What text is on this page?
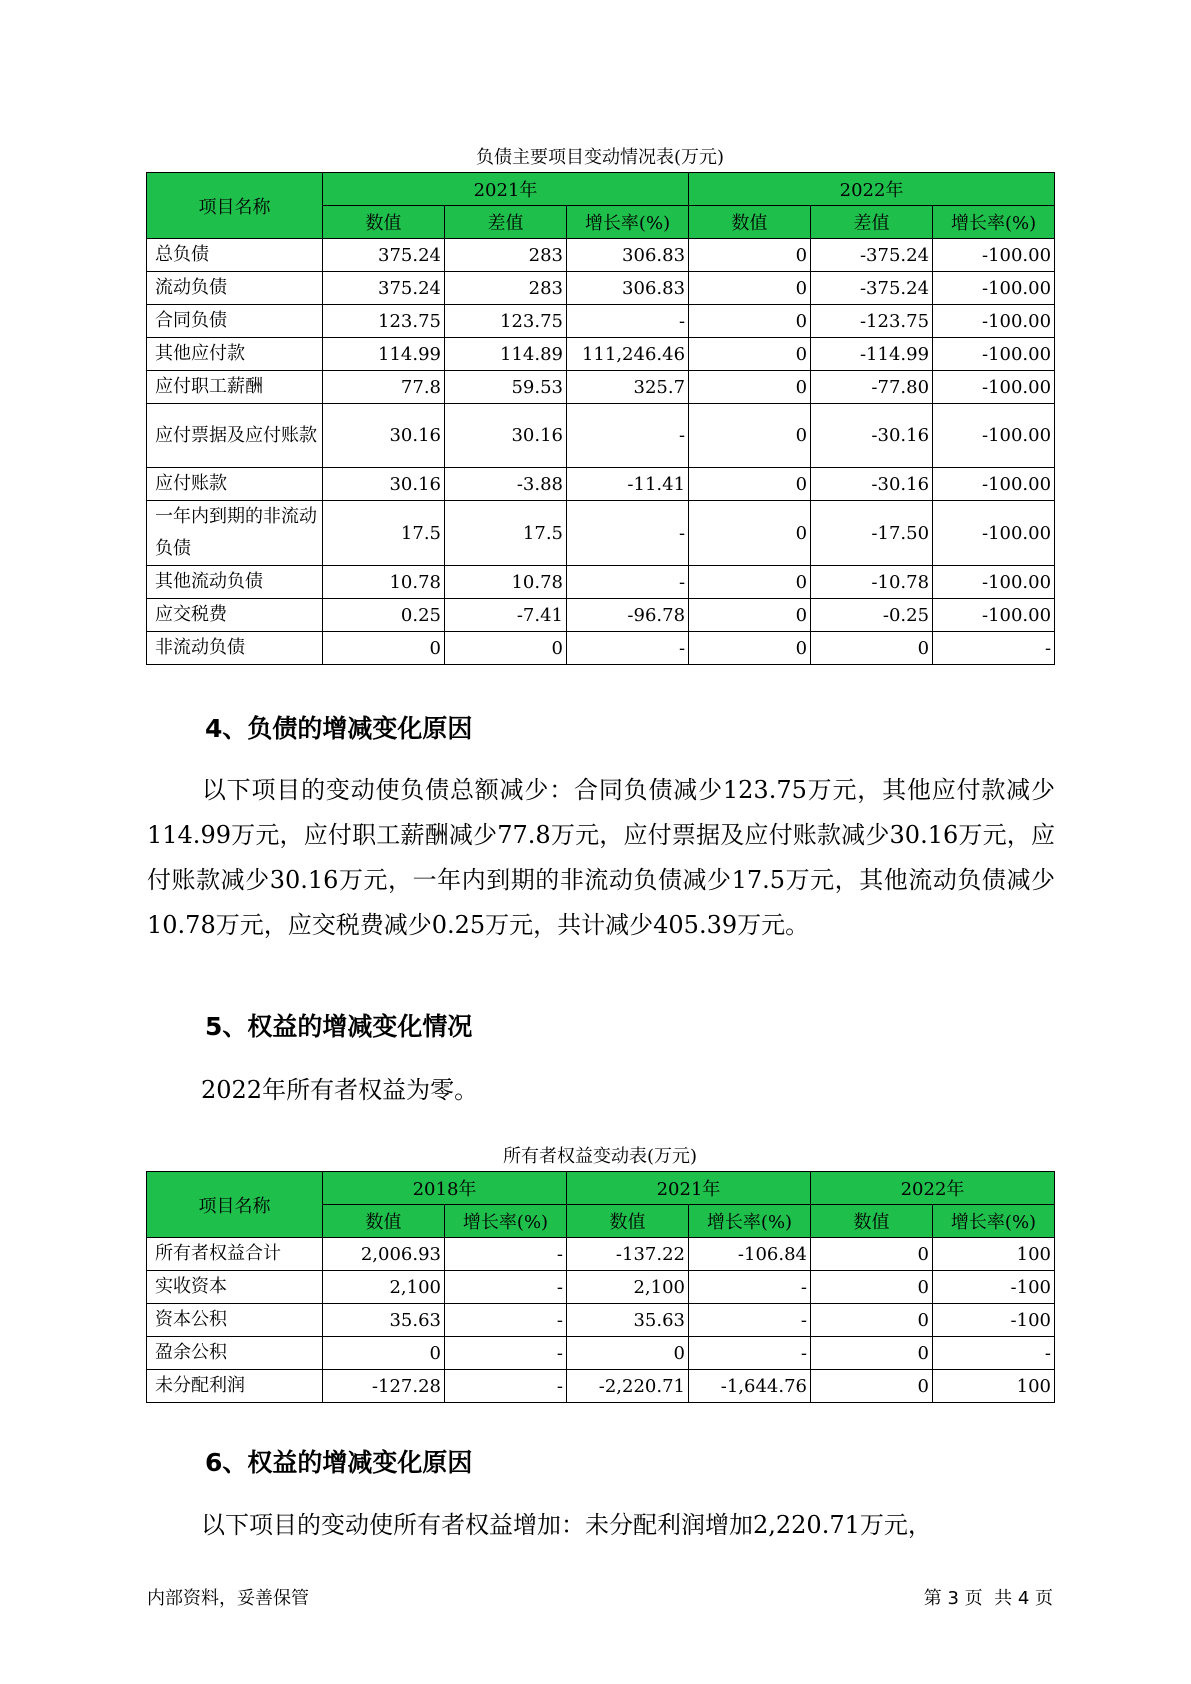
负债主要项目变动情况表(万元)
项目名称	2021年			2022年		
	数值	差值	增长率(%)	数值	差值	增长率(%)
总负债	375.24	283	306.83	0	-375.24	-100.00
流动负债	375.24	283	306.83	0	-375.24	-100.00
合同负债	123.75	123.75	-	0	-123.75	-100.00
其他应付款	114.99	114.89	111,246.46	0	-114.99	-100.00
应付职工薪酬	77.8	59.53	325.7	0	-77.80	-100.00
应付票据及应付账款	30.16	30.16	-	0	-30.16	-100.00
应付账款	30.16	-3.88	-11.41	0	-30.16	-100.00
一年内到期的非流动负债	17.5	17.5	-	0	-17.50	-100.00
其他流动负债	10.78	10.78	-	0	-10.78	-100.00
应交税费	0.25	-7.41	-96.78	0	-0.25	-100.00
非流动负债	0	0	-	0	0	-
4、负债的增减变化原因

以下项目的变动使负债总额减少：合同负债减少123.75万元，其他应付款减少114.99万元，应付职工薪酬减少77.8万元，应付票据及应付账款减少30.16万元，应付账款减少30.16万元，一年内到期的非流动负债减少17.5万元，其他流动负债减少10.78万元，应交税费减少0.25万元，共计减少405.39万元。

5、权益的增减变化情况

2022年所有者权益为零。

所有者权益变动表(万元)
项目名称	2018年		2021年		2022年	
	数值	增长率(%)	数值	增长率(%)	数值	增长率(%)
所有者权益合计	2,006.93	-	-137.22	-106.84	0	100
实收资本	2,100	-	2,100	-	0	-100
资本公积	35.63	-	35.63	-	0	-100
盈余公积	0	-	0	-	0	-
未分配利润	-127.28	-	-2,220.71	-1,644.76	0	100
6、权益的增减变化原因

以下项目的变动使所有者权益增加：未分配利润增加2,220.71万元，

内部资料，妥善保管	第 3 页  共 4 页
